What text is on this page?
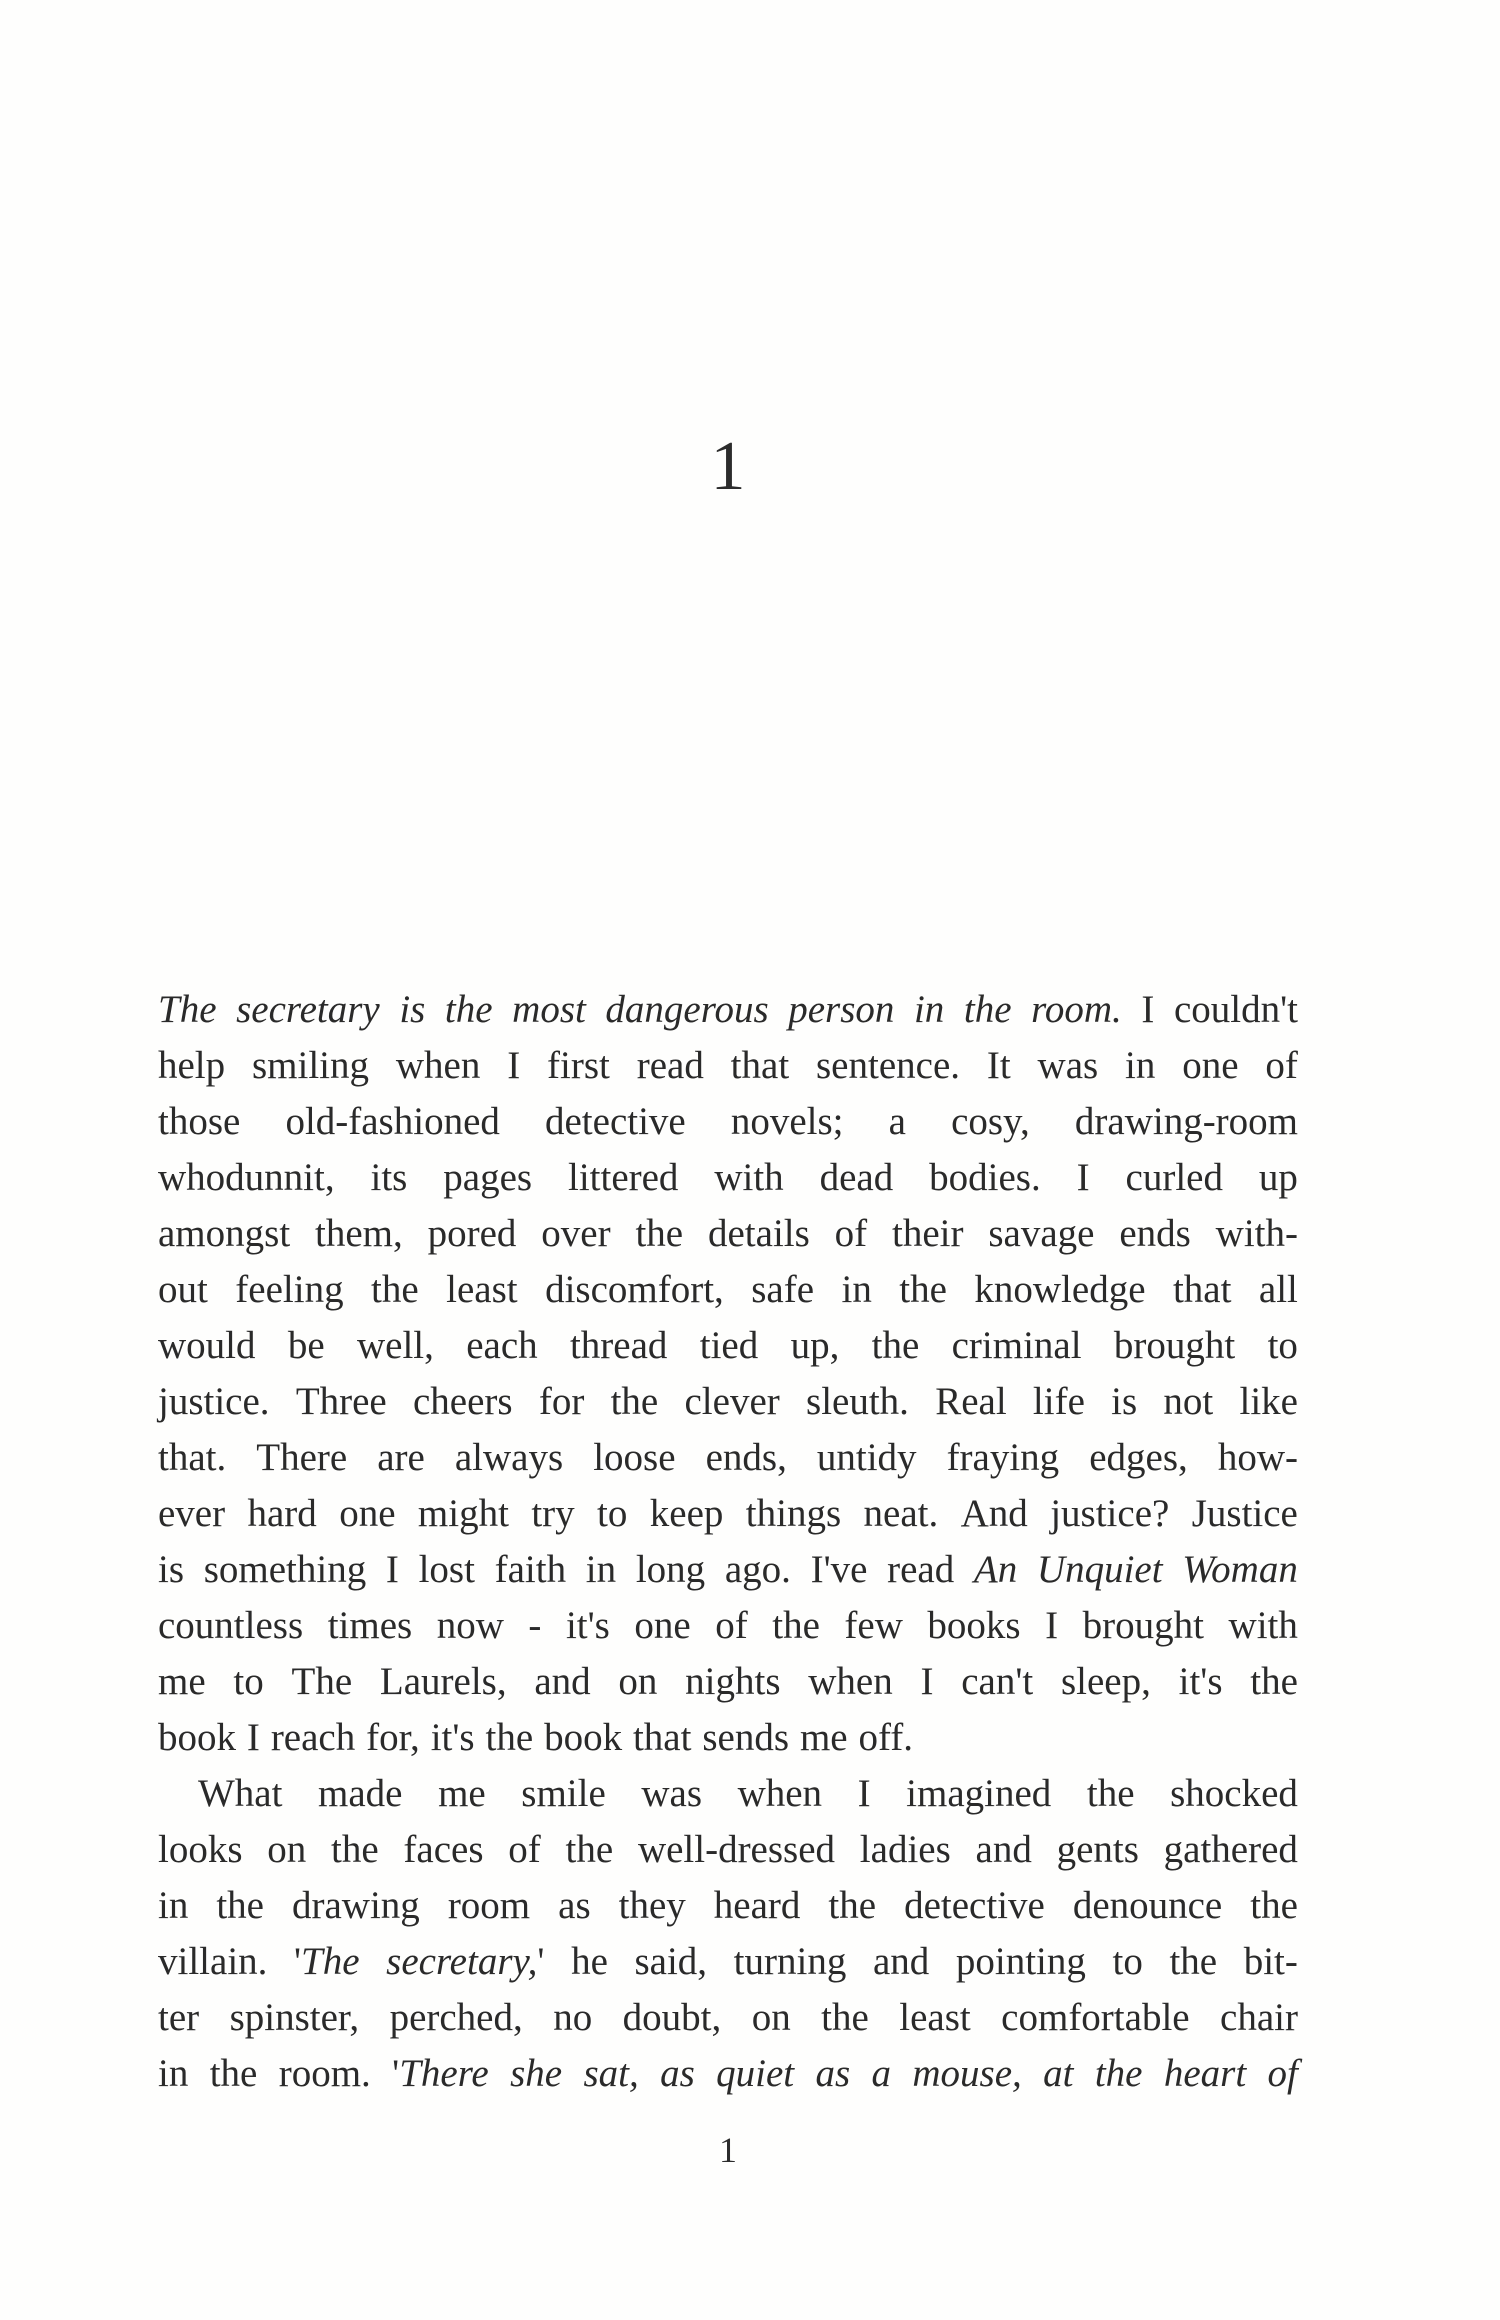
1
The secretary is the most dangerous person in the room. I couldn't
help smiling when I first read that sentence. It was in one of
those old-fashioned detective novels; a cosy, drawing-room
whodunnit, its pages littered with dead bodies. I curled up
amongst them, pored over the details of their savage ends with-
out feeling the least discomfort, safe in the knowledge that all
would be well, each thread tied up, the criminal brought to
justice. Three cheers for the clever sleuth. Real life is not like
that. There are always loose ends, untidy fraying edges, how-
ever hard one might try to keep things neat. And justice? Justice
is something I lost faith in long ago. I've read An Unquiet Woman
countless times now - it's one of the few books I brought with
me to The Laurels, and on nights when I can't sleep, it's the
book I reach for, it's the book that sends me off.
What made me smile was when I imagined the shocked
looks on the faces of the well-dressed ladies and gents gathered
in the drawing room as they heard the detective denounce the
villain. 'The secretary,' he said, turning and pointing to the bit-
ter spinster, perched, no doubt, on the least comfortable chair
in the room. 'There she sat, as quiet as a mouse, at the heart of
1
